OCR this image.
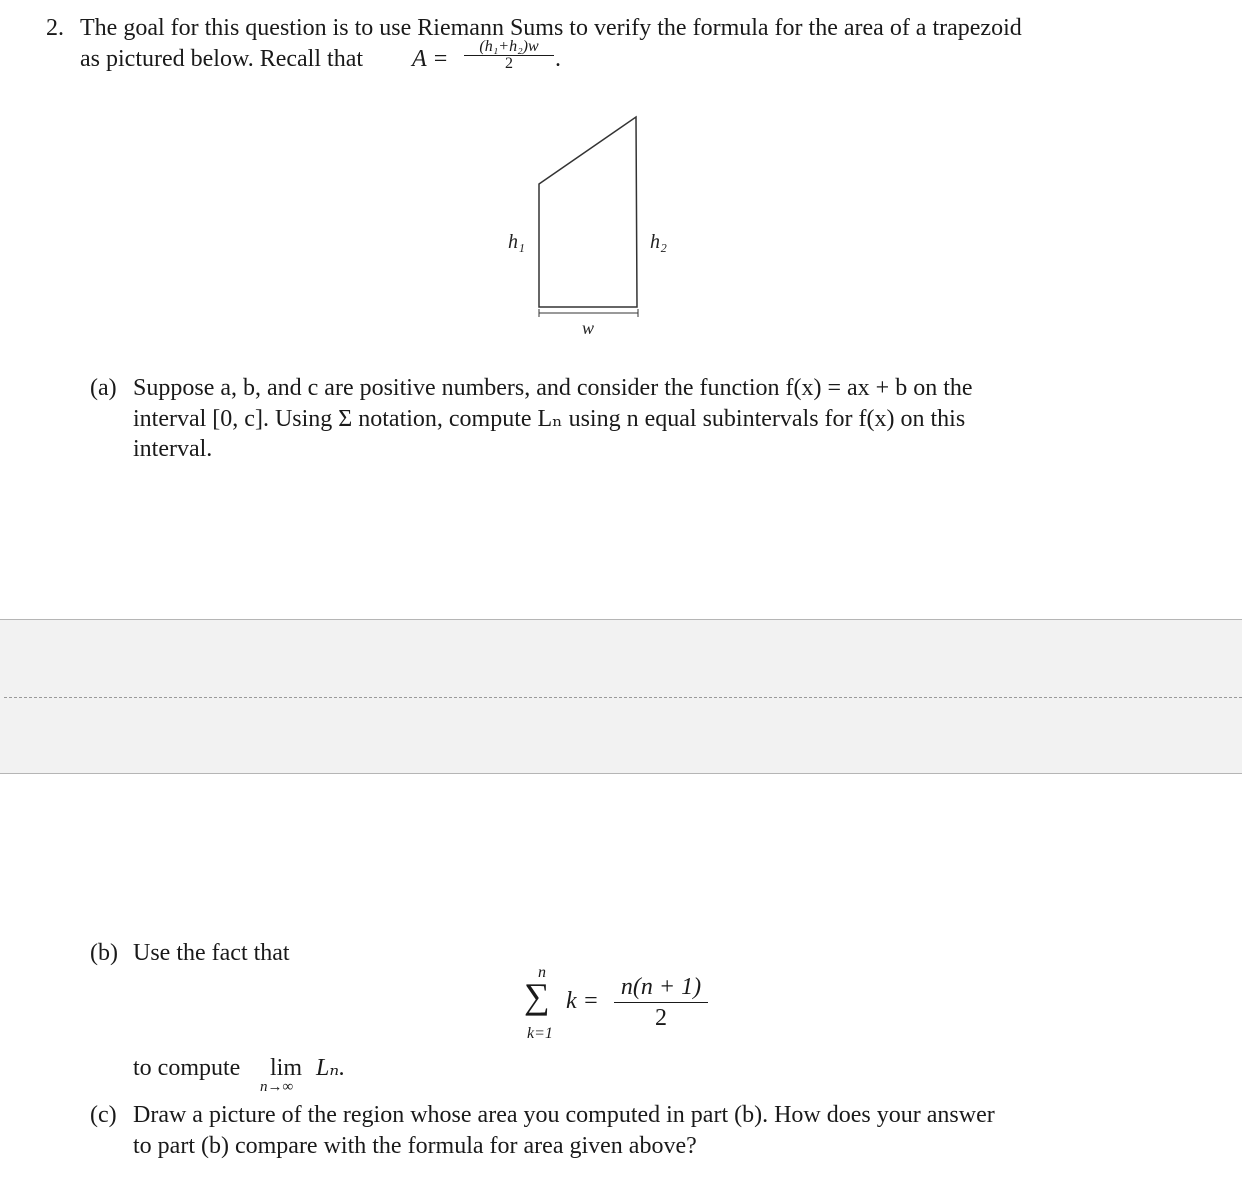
2. The goal for this question is to use Riemann Sums to verify the formula for the area of a trapezoid
as pictured below. Recall that A =	(h₁+h₂)w
2	.
h₁	h₂
w
(a) Suppose a, b, and c are positive numbers, and consider the function f(x) = ax + b on the
interval [0, c]. Using Σ notation, compute Lₙ using n equal subintervals for f(x) on this
interval.
(b) Use the fact that
n
∑
k=1
k =
n(n + 1)
2
to compute lim
n→∞
Lₙ.
(c) Draw a picture of the region whose area you computed in part (b). How does your answer
to part (b) compare with the formula for area given above?
